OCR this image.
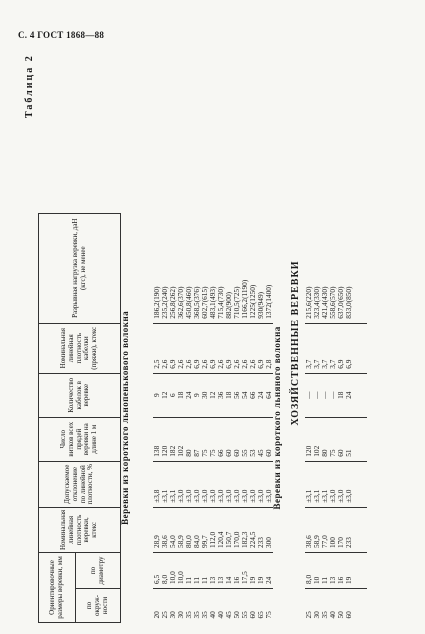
С. 4 ГОСТ 1868—88
Таблица 2
Ориентировочные размеры веревки, мм		Номинальная линейная плотность веревки, ктекс	Допускаемое отклонение по линейной плотности, %	Число витков всех прядей веревки на длине 1 м	Количество кабелок в веревке	Номинальная линейная плотность кабелки (пряжи), ктекс	Разрывная нагрузка веревки, даН (кгс), не менее
по окруж-ности	по диаметру						
Веревки из короткого льнопенькового волокна							
20	6,5	28,9	±3,8	138	9	2,5	186,2(190)
25	8,0	38,6	±3,1	120	12	2,6	235,2(240)
30	10,0	54,0	±3,1	182	6	6,9	256,8(262)
30	10,0	58,9	±3,0	102	18	2,6	362,6(370)
35	11	80,0	±3,0	80	24	2,6	450,8(460)
35	11	84,0	±3,0	87	9	6,9	368,5(376)
35	11	99,7	±3,0	75	30	2,6	602,7(615)
40	13	112,0	±3,0	75	12	6,9	483,1(493)
40	13	120,4	±3,0	66	36	2,6	715,4(730)
45	14	150,7	±3,0	60	18	6,9	882(900)
50	16	170,0	±3,0	60	56	2,6	710,5(725)
55	17,5	182,3	±3,0	55	54	2,6	1166,2(1190)
60	19	224,5	±3,0	53	66	2,6	1225(1250)
65	19	233	±3,0	45	24	6,9	930(949)
75	24	300	±3,0	60	64	2,8	1372(1400)
Веревки из короткого льняного волокна							
25	8,0	38,6	±3,1	120	—	3,7	215,6(220)
30	10	58,9	±3,1	102	—	3,7	323,4(330)
35	11	77,0	±3,1	80	—	3,7	421,4(430)
40	13	100	±3,0	75	—	3,7	558,6(570)
50	16	170	±3,0	60	18	6,9	637,0(650)
60	19	233	±3,0	51	24	6,9	833,0(850)

ХОЗЯЙСТВЕННЫЕ ВЕРЕВКИ
